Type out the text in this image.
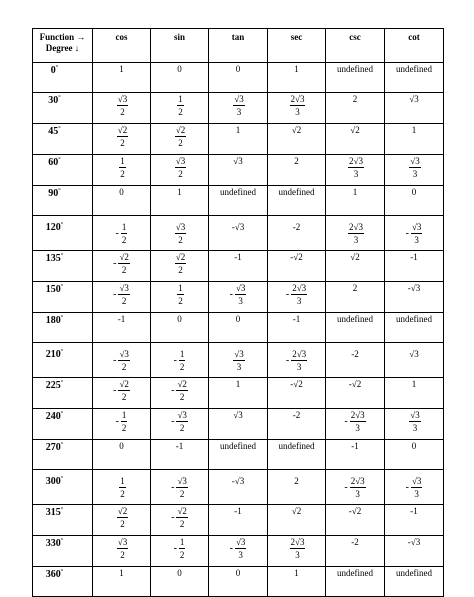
Function →
Degree ↓	cos	sin	tan	sec	csc	cot
0°	1	0	0	1	undefined	undefined
30°	$\frac{√3}{2}$	$\frac{1}{2}$	$\frac{√3}{3}$	$\frac{2√3}{3}$	2	√3
45°	$\frac{√2}{2}$	$\frac{√2}{2}$	1	√2	√2	1
60°	$\frac{1}{2}$	$\frac{√3}{2}$	√3	2	$\frac{2√3}{3}$	$\frac{√3}{3}$

90°	0	1	undefined	undefined	1	0
120°	- $\frac{1}{2}$	$\frac{√3}{2}$	-√3	-2	$\frac{2√3}{3}$	- $\frac{√3}{3}$

135°	- $\frac{√2}{2}$	$\frac{√2}{2}$	-1	-√2	√2	-1
150°	- $\frac{√3}{2}$	$\frac{1}{2}$	- $\frac{√3}{3}$	- $\frac{2√3}{3}$	2	-√3
180°	-1	0	0	-1	undefined	undefined
210°	- $\frac{√3}{2}$	- $\frac{1}{2}$	$\frac{√3}{3}$	- $\frac{2√3}{3}$	-2	√3
225°	- $\frac{√2}{2}$	- $\frac{√2}{2}$	1	-√2	-√2	1
240°	- $\frac{1}{2}$	- $\frac{√3}{2}$	√3	-2	- $\frac{2√3}{3}$	$\frac{√3}{3}$

270°	0	-1	undefined	undefined	-1	0
300°	$\frac{1}{2}$	- $\frac{√3}{2}$	-√3	2	- $\frac{2√3}{3}$	- $\frac{√3}{3}$

315°	$\frac{√2}{2}$	- $\frac{√2}{2}$	-1	√2	-√2	-1
330°	$\frac{√3}{2}$	- $\frac{1}{2}$	- $\frac{√3}{3}$	$\frac{2√3}{3}$	-2	-√3
360°	1	0	0	1	undefined	undefined
